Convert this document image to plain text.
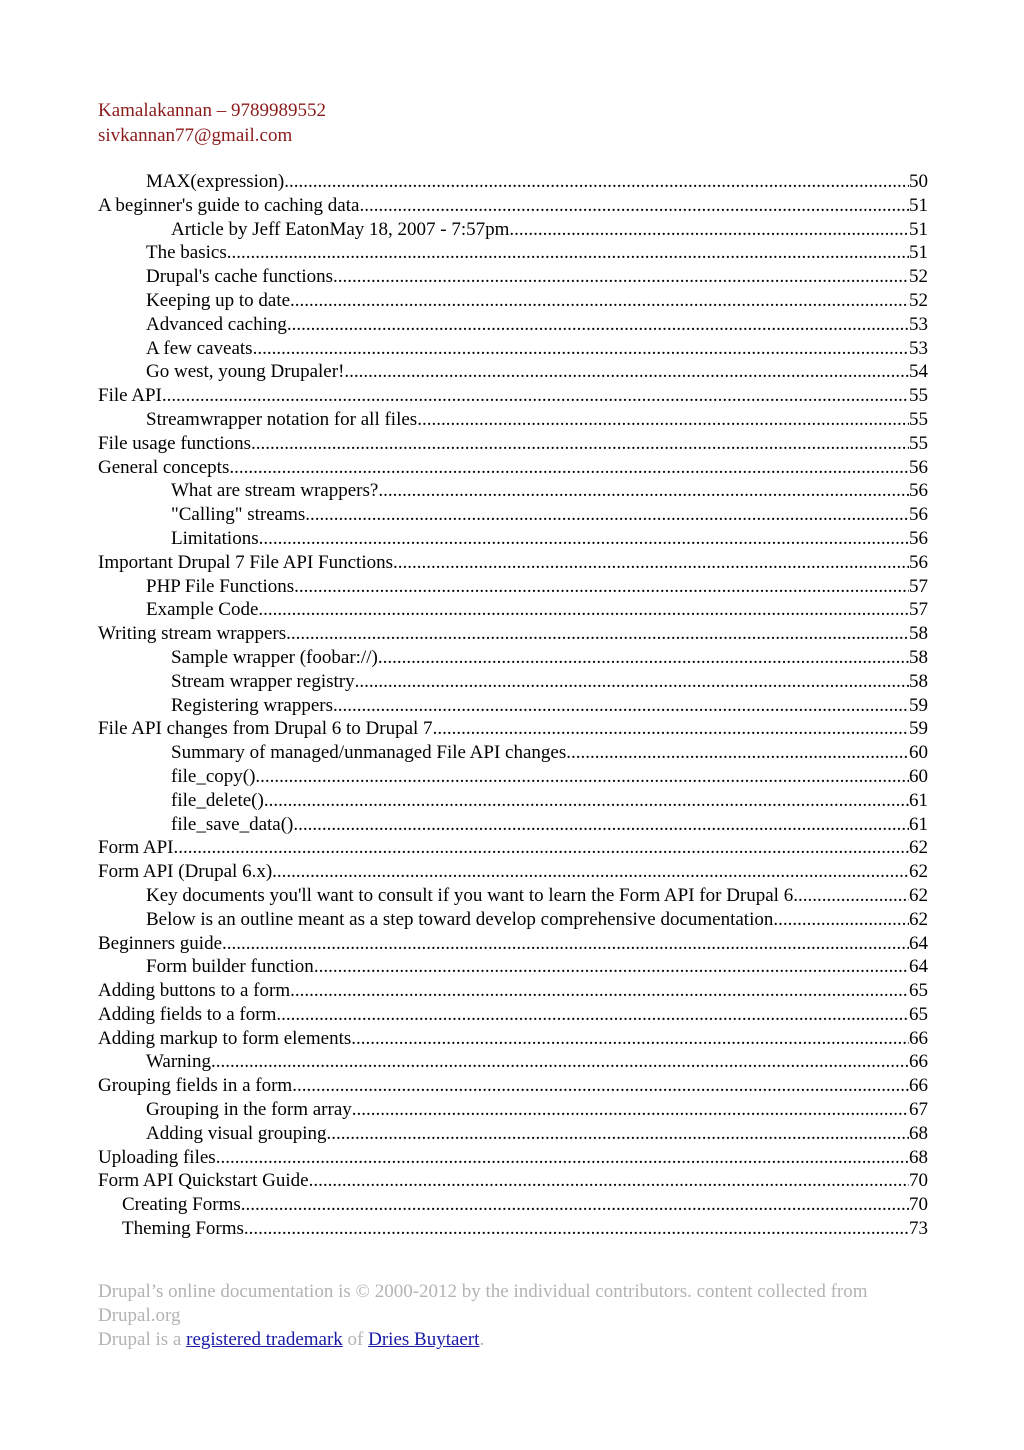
Kamalakannan – 9789989552
sivkannan77@gmail.com
MAX(expression) .....	50
A beginner's guide to caching data .....	51
Article by Jeff EatonMay 18, 2007 - 7:57pm .....	51
The basics .....	51
Drupal's cache functions .....	52
Keeping up to date .....	52
Advanced caching .....	53
A few caveats .....	53
Go west, young Drupaler! .....	54
File API .....	55
Streamwrapper notation for all files .....	55
File usage functions .....	55
General concepts .....	56
What are stream wrappers? .....	56
"Calling" streams .....	56
Limitations .....	56
Important Drupal 7 File API Functions .....	56
PHP File Functions .....	57
Example Code .....	57
Writing stream wrappers .....	58
Sample wrapper (foobar://) .....	58
Stream wrapper registry .....	58
Registering wrappers .....	59
File API changes from Drupal 6 to Drupal 7 .....	59
Summary of managed/unmanaged File API changes .....	60
file_copy() .....	60
file_delete() .....	61
file_save_data() .....	61
Form API .....	62
Form API (Drupal 6.x) .....	62
Key documents you'll want to consult if you want to learn the Form API for Drupal 6 .....	62
Below is an outline meant as a step toward develop comprehensive documentation .....	62
Beginners guide .....	64
Form builder function .....	64
Adding buttons to a form .....	65
Adding fields to a form .....	65
Adding markup to form elements .....	66
Warning .....	66
Grouping fields in a form .....	66
Grouping in the form array .....	67
Adding visual grouping .....	68
Uploading files .....	68
Form API Quickstart Guide .....	70
Creating Forms .....	70
Theming Forms .....	73
Drupal’s online documentation is © 2000-2012 by the individual contributors. content collected from Drupal.org
Drupal is a registered trademark of Dries Buytaert.
